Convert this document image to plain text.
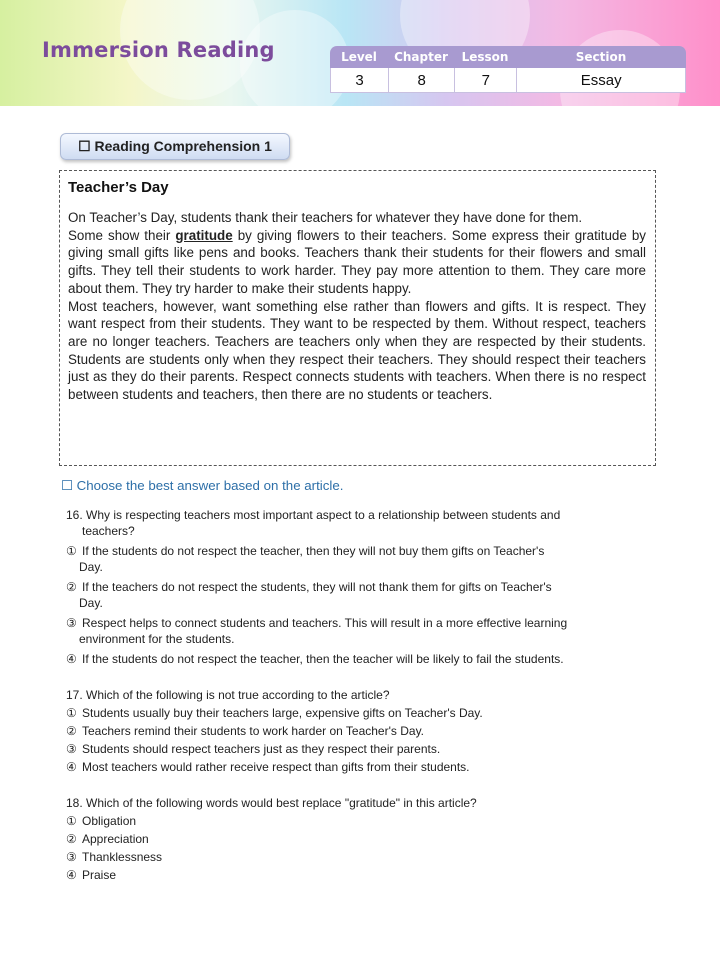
Immersion Reading	Level	Chapter	Lesson	Section
3	8	7	Essay
☐ Reading Comprehension 1
Teacher’s Day

On Teacher’s Day, students thank their teachers for whatever they have done for them.

Some show their gratitude by giving flowers to their teachers. Some express their gratitude by giving small gifts like pens and books. Teachers thank their students for their flowers and small gifts. They tell their students to work harder. They pay more attention to them. They care more about them. They try harder to make their students happy.

Most teachers, however, want something else rather than flowers and gifts. It is respect. They want respect from their students. They want to be respected by them. Without respect, teachers are no longer teachers. Teachers are teachers only when they are respected by their students. Students are students only when they respect their teachers. They should respect their teachers just as they do their parents. Respect connects students with teachers. When there is no respect between students and teachers, then there are no students or teachers.

☐ Choose the best answer based on the article.
16. Why is respecting teachers most important aspect to a relationship between students and
teachers?
① If the students do not respect the teacher, then they will not buy them gifts on Teacher's
Day.
② If the teachers do not respect the students, they will not thank them for gifts on Teacher's
Day.
③ Respect helps to connect students and teachers. This will result in a more effective learning
environment for the students.
④ If the students do not respect the teacher, then the teacher will be likely to fail the students.
17. Which of the following is not true according to the article?
① Students usually buy their teachers large, expensive gifts on Teacher's Day.
② Teachers remind their students to work harder on Teacher's Day.
③ Students should respect teachers just as they respect their parents.
④ Most teachers would rather receive respect than gifts from their students.
18. Which of the following words would best replace "gratitude" in this article?
① Obligation
② Appreciation
③ Thanklessness
④ Praise
